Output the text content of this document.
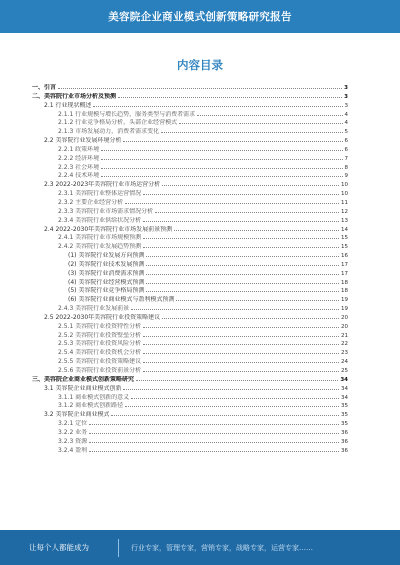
美容院企业商业模式创新策略研究报告
内容目录
一、引言	3
二、美容院行业市场分析及预测	3
2.1 行业现状概述	3
2.1.1 行业规模与增长趋势，服务类型与消费者需求	4
2.1.2 行业竞争格局分析，头部企业经营模式	4
2.1.3 市场发展动力，消费者需求变化	5
2.2 美容院行业发展环境分析	6
2.2.1 政策环境	6
2.2.2 经济环境	7
2.2.3 社会环境	8
2.2.4 技术环境	9
2.3 2022-2023年美容院行业市场运营分析	10
2.3.1 美容院行业整体运营情况	10
2.3.2 主要企业经营分析	11
2.3.3 美容院行业市场需求情况分析	12
2.3.4 美容院行业供给状况分析	13
2.4 2022-2030年美容院行业市场发展前景预测	14
2.4.1 美容院行业市场规模预测	15
2.4.2 美容院行业发展趋势预测	15
(1) 美容院行业发展方向预测	16
(2) 美容院行业技术发展预测	17
(3) 美容院行业消费需求预测	17
(4) 美容院行业经营模式预测	18
(5) 美容院行业竞争格局预测	18
(6) 美容院行业商业模式与盈利模式预测	19
2.4.3 美容院行业发展前景	19
2.5 2022-2030年美容院行业投资策略建议	20
2.5.1 美容院行业投资特性分析	20
2.5.2 美容院行业投资壁垒分析	21
2.5.3 美容院行业投资风险分析	22
2.5.4 美容院行业投资机会分析	23
2.5.5 美容院行业投资策略建议	24
2.5.6 美容院行业投资前景分析	25
三、美容院企业商业模式创新策略研究	34
3.1 美容院企业商业模式创新	34
3.1.1 商业模式创新的意义	34
3.1.2 商业模式创新路径	35
3.2 美容院企业商业模式	35
3.2.1 定位	35
3.2.2 业务	36
3.2.3 资源	36
3.2.4 盈利	36
让每个人都能成为	行业专家，管理专家，营销专家，战略专家，运营专家……
